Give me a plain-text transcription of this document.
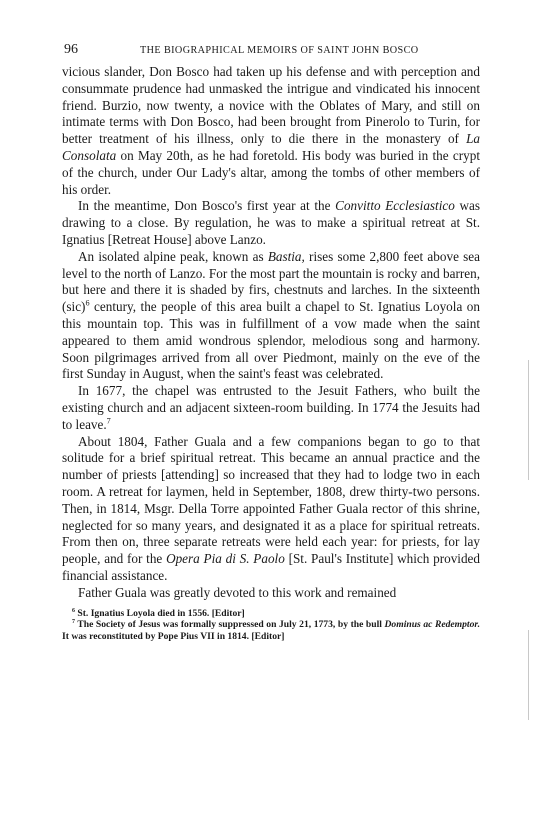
96	THE BIOGRAPHICAL MEMOIRS OF SAINT JOHN BOSCO

vicious slander, Don Bosco had taken up his defense and with perception and consummate prudence had unmasked the intrigue and vindicated his innocent friend. Burzio, now twenty, a novice with the Oblates of Mary, and still on intimate terms with Don Bosco, had been brought from Pinerolo to Turin, for better treatment of his illness, only to die there in the monastery of La Consolata on May 20th, as he had foretold. His body was buried in the crypt of the church, under Our Lady's altar, among the tombs of other members of his order.

In the meantime, Don Bosco's first year at the Convitto Ecclesiastico was drawing to a close. By regulation, he was to make a spiritual retreat at St. Ignatius [Retreat House] above Lanzo.

An isolated alpine peak, known as Bastia, rises some 2,800 feet above sea level to the north of Lanzo. For the most part the mountain is rocky and barren, but here and there it is shaded by firs, chestnuts and larches. In the sixteenth (sic)$^6$ century, the people of this area built a chapel to St. Ignatius Loyola on this mountain top. This was in fulfillment of a vow made when the saint appeared to them amid wondrous splendor, melodious song and harmony. Soon pilgrimages arrived from all over Piedmont, mainly on the eve of the first Sunday in August, when the saint's feast was celebrated.

In 1677, the chapel was entrusted to the Jesuit Fathers, who built the existing church and an adjacent sixteen-room building. In 1774 the Jesuits had to leave.$^7$

About 1804, Father Guala and a few companions began to go to that solitude for a brief spiritual retreat. This became an annual practice and the number of priests [attending] so increased that they had to lodge two in each room. A retreat for laymen, held in September, 1808, drew thirty-two persons. Then, in 1814, Msgr. Della Torre appointed Father Guala rector of this shrine, neglected for so many years, and designated it as a place for spiritual retreats. From then on, three separate retreats were held each year: for priests, for lay people, and for the Opera Pia di S. Paolo [St. Paul's Institute] which provided financial assistance.

Father Guala was greatly devoted to this work and remained

$^6$ St. Ignatius Loyola died in 1556. [Editor]

$^7$ The Society of Jesus was formally suppressed on July 21, 1773, by the bull Dominus ac Redemptor. It was reconstituted by Pope Pius VII in 1814. [Editor]
